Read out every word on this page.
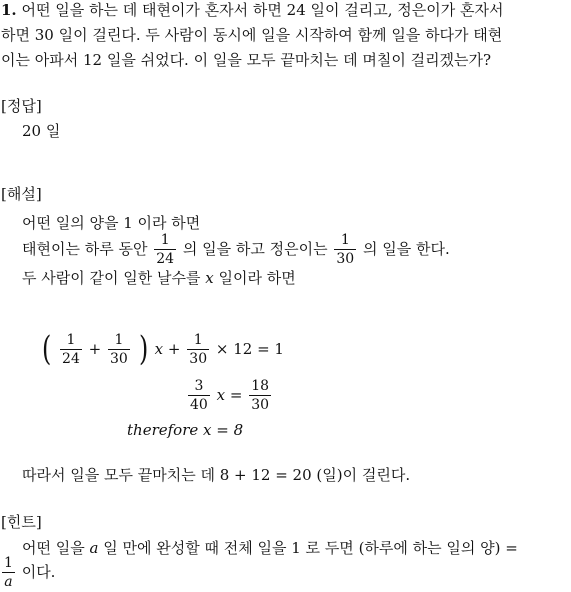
1. 어떤 일을 하는 데 태현이가 혼자서 하면 24 일이 걸리고, 정은이가 혼자서
하면 30 일이 걸린다. 두 사람이 동시에 일을 시작하여 함께 일을 하다가 태현
이는 아파서 12 일을 쉬었다. 이 일을 모두 끝마치는 데 며칠이 걸리겠는가?
[정답]
20 일
[해설]
어떤 일의 양을 1 이라 하면
태현이는 하루 동안 $\frac{1}{24}$ 의 일을 하고 정은이는 $\frac{1}{30}$ 의 일을 한다.
두 사람이 같이 일한 날수를 x 일이라 하면
( $\frac{1}{24} + \frac{1}{30}$ ) $x + \frac{1}{30} \times 12 = 1$
$\frac{3}{40}$ $x = \frac{18}{30}$
therefore x = 8
따라서 일을 모두 끝마치는 데 8 + 12 = 20 (일)이 걸린다.
[힌트]
어떤 일을 a 일 만에 완성할 때 전체 일을 1 로 두면 (하루에 하는 일의 양) =
$\frac{1}{a}$ 이다.
